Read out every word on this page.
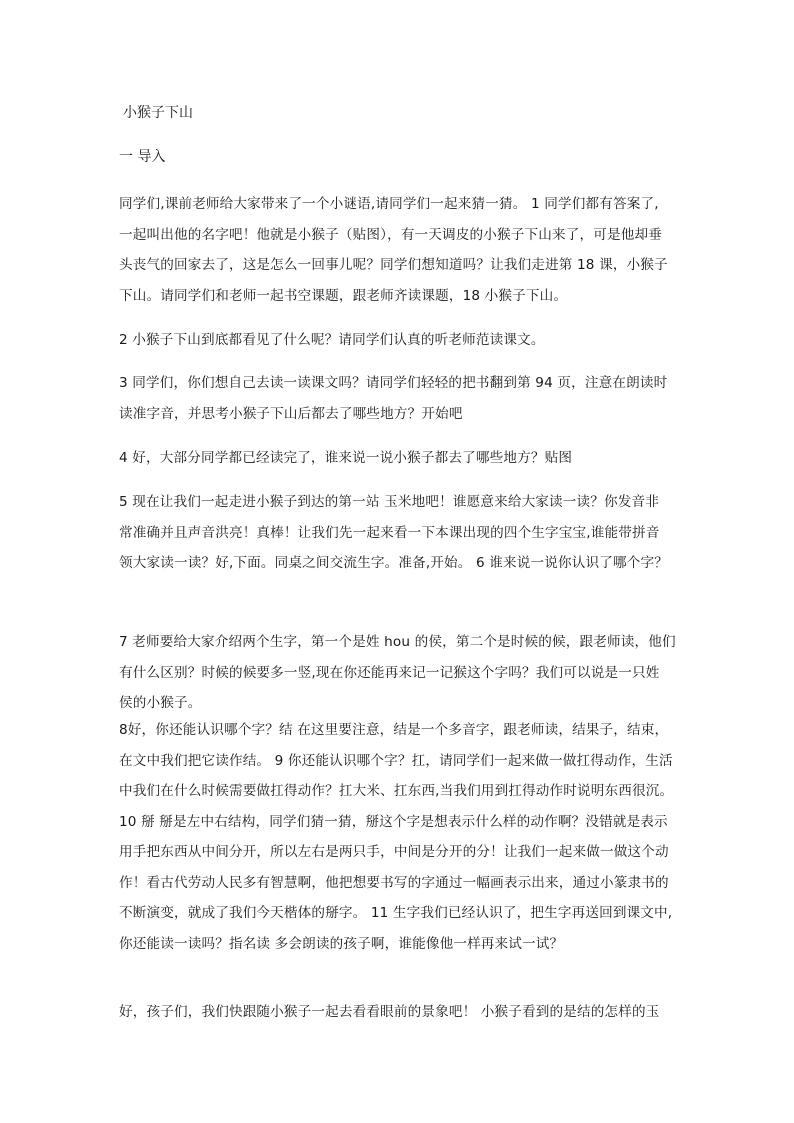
小猴子下山
一 导入

同学们,课前老师给大家带来了一个小谜语,请同学们一起来猜一猜。 1 同学们都有答案了,
一起叫出他的名字吧！他就是小猴子（贴图），有一天调皮的小猴子下山来了，可是他却垂
头丧气的回家去了，这是怎么一回事儿呢？同学们想知道吗？让我们走进第 18 课，小猴子
下山。请同学们和老师一起书空课题，跟老师齐读课题，18 小猴子下山。

2 小猴子下山到底都看见了什么呢？请同学们认真的听老师范读课文。

3 同学们，你们想自己去读一读课文吗？请同学们轻轻的把书翻到第 94 页，注意在朗读时
读准字音，并思考小猴子下山后都去了哪些地方？开始吧

4 好，大部分同学都已经读完了，谁来说一说小猴子都去了哪些地方？贴图

5 现在让我们一起走进小猴子到达的第一站 玉米地吧！谁愿意来给大家读一读？你发音非
常准确并且声音洪亮！真棒！让我们先一起来看一下本课出现的四个生字宝宝,谁能带拼音
领大家读一读？好,下面。同桌之间交流生字。准备,开始。 6 谁来说一说你认识了哪个字？

7 老师要给大家介绍两个生字，第一个是姓 hou 的侯，第二个是时候的候，跟老师读，他们
有什么区别？时候的候要多一竖,现在你还能再来记一记猴这个字吗？我们可以说是一只姓
侯的小猴子。

8好，你还能认识哪个字？结 在这里要注意，结是一个多音字，跟老师读，结果子，结束，
在文中我们把它读作结。 9 你还能认识哪个字？扛，请同学们一起来做一做扛得动作，生活
中我们在什么时候需要做扛得动作？扛大米、扛东西,当我们用到扛得动作时说明东西很沉。
10 掰 掰是左中右结构，同学们猜一猜，掰这个字是想表示什么样的动作啊？没错就是表示
用手把东西从中间分开，所以左右是两只手，中间是分开的分！让我们一起来做一做这个动
作！看古代劳动人民多有智慧啊，他把想要书写的字通过一幅画表示出来，通过小篆隶书的
不断演变，就成了我们今天楷体的掰字。 11 生字我们已经认识了，把生字再送回到课文中,
你还能读一读吗？指名读 多会朗读的孩子啊，谁能像他一样再来试一试？

好，孩子们，我们快跟随小猴子一起去看看眼前的景象吧！ 小猴子看到的是结的怎样的玉
